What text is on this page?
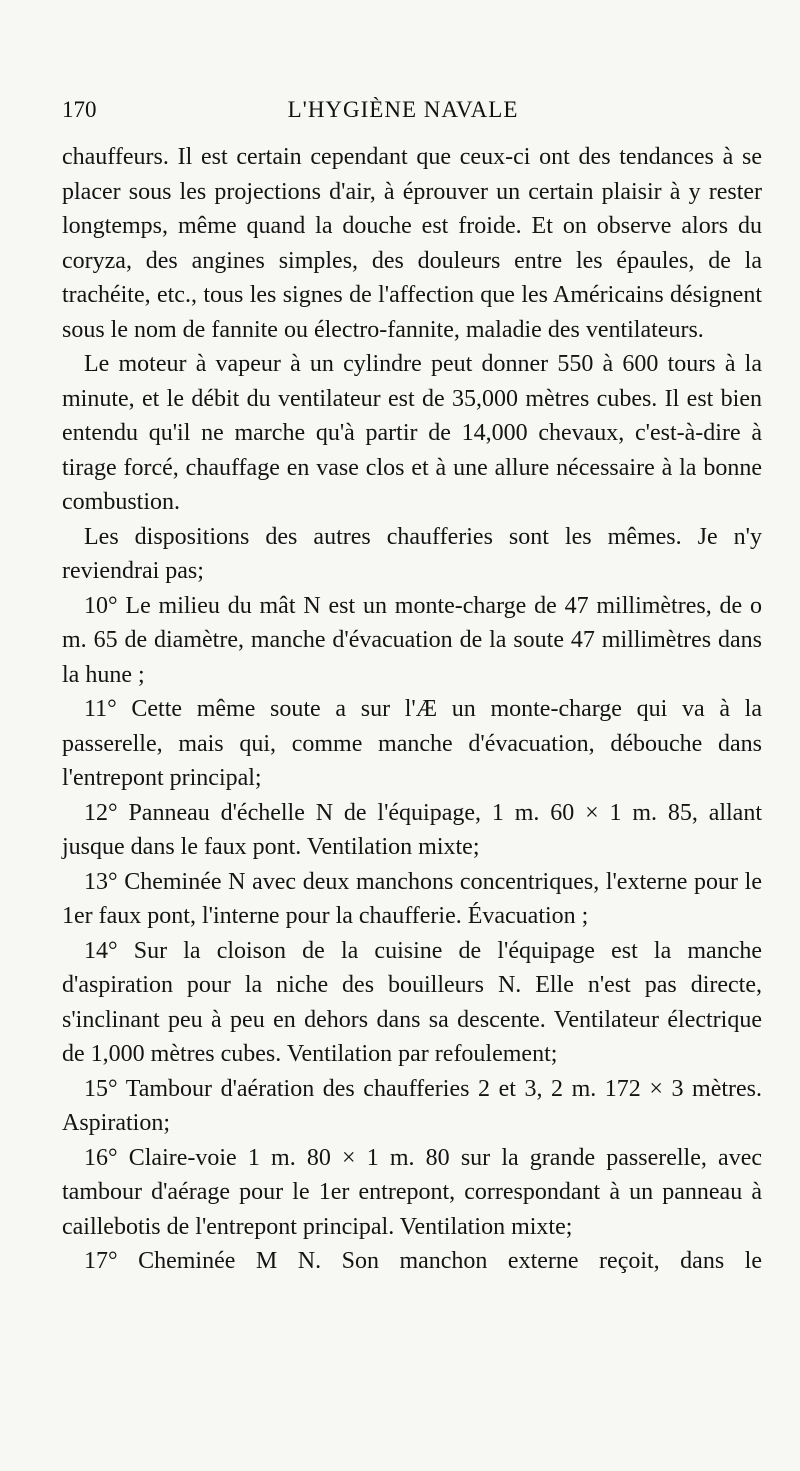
170	L'HYGIÈNE NAVALE

chauffeurs. Il est certain cependant que ceux-ci ont des tendances à se placer sous les projections d'air, à éprouver un certain plaisir à y rester longtemps, même quand la douche est froide. Et on observe alors du coryza, des angines simples, des douleurs entre les épaules, de la trachéite, etc., tous les signes de l'affection que les Américains désignent sous le nom de fannite ou électro-fannite, maladie des ventilateurs.

Le moteur à vapeur à un cylindre peut donner 550 à 600 tours à la minute, et le débit du ventilateur est de 35,000 mètres cubes. Il est bien entendu qu'il ne marche qu'à partir de 14,000 chevaux, c'est-à-dire à tirage forcé, chauffage en vase clos et à une allure nécessaire à la bonne combustion.

Les dispositions des autres chaufferies sont les mêmes. Je n'y reviendrai pas;

10° Le milieu du mât N est un monte-charge de 47 millimètres, de o m. 65 de diamètre, manche d'évacuation de la soute 47 millimètres dans la hune ;

11° Cette même soute a sur l'Æ un monte-charge qui va à la passerelle, mais qui, comme manche d'évacuation, débouche dans l'entrepont principal;

12° Panneau d'échelle N de l'équipage, 1 m. 60 × 1 m. 85, allant jusque dans le faux pont. Ventilation mixte;

13° Cheminée N avec deux manchons concentriques, l'externe pour le 1er faux pont, l'interne pour la chaufferie. Évacuation ;

14° Sur la cloison de la cuisine de l'équipage est la manche d'aspiration pour la niche des bouilleurs N. Elle n'est pas directe, s'inclinant peu à peu en dehors dans sa descente. Ventilateur électrique de 1,000 mètres cubes. Ventilation par refoulement;

15° Tambour d'aération des chaufferies 2 et 3, 2 m. 172 × 3 mètres. Aspiration;

16° Claire-voie 1 m. 80 × 1 m. 80 sur la grande passerelle, avec tambour d'aérage pour le 1er entrepont, correspondant à un panneau à caillebotis de l'entrepont principal. Ventilation mixte;

17° Cheminée M N. Son manchon externe reçoit, dans le
